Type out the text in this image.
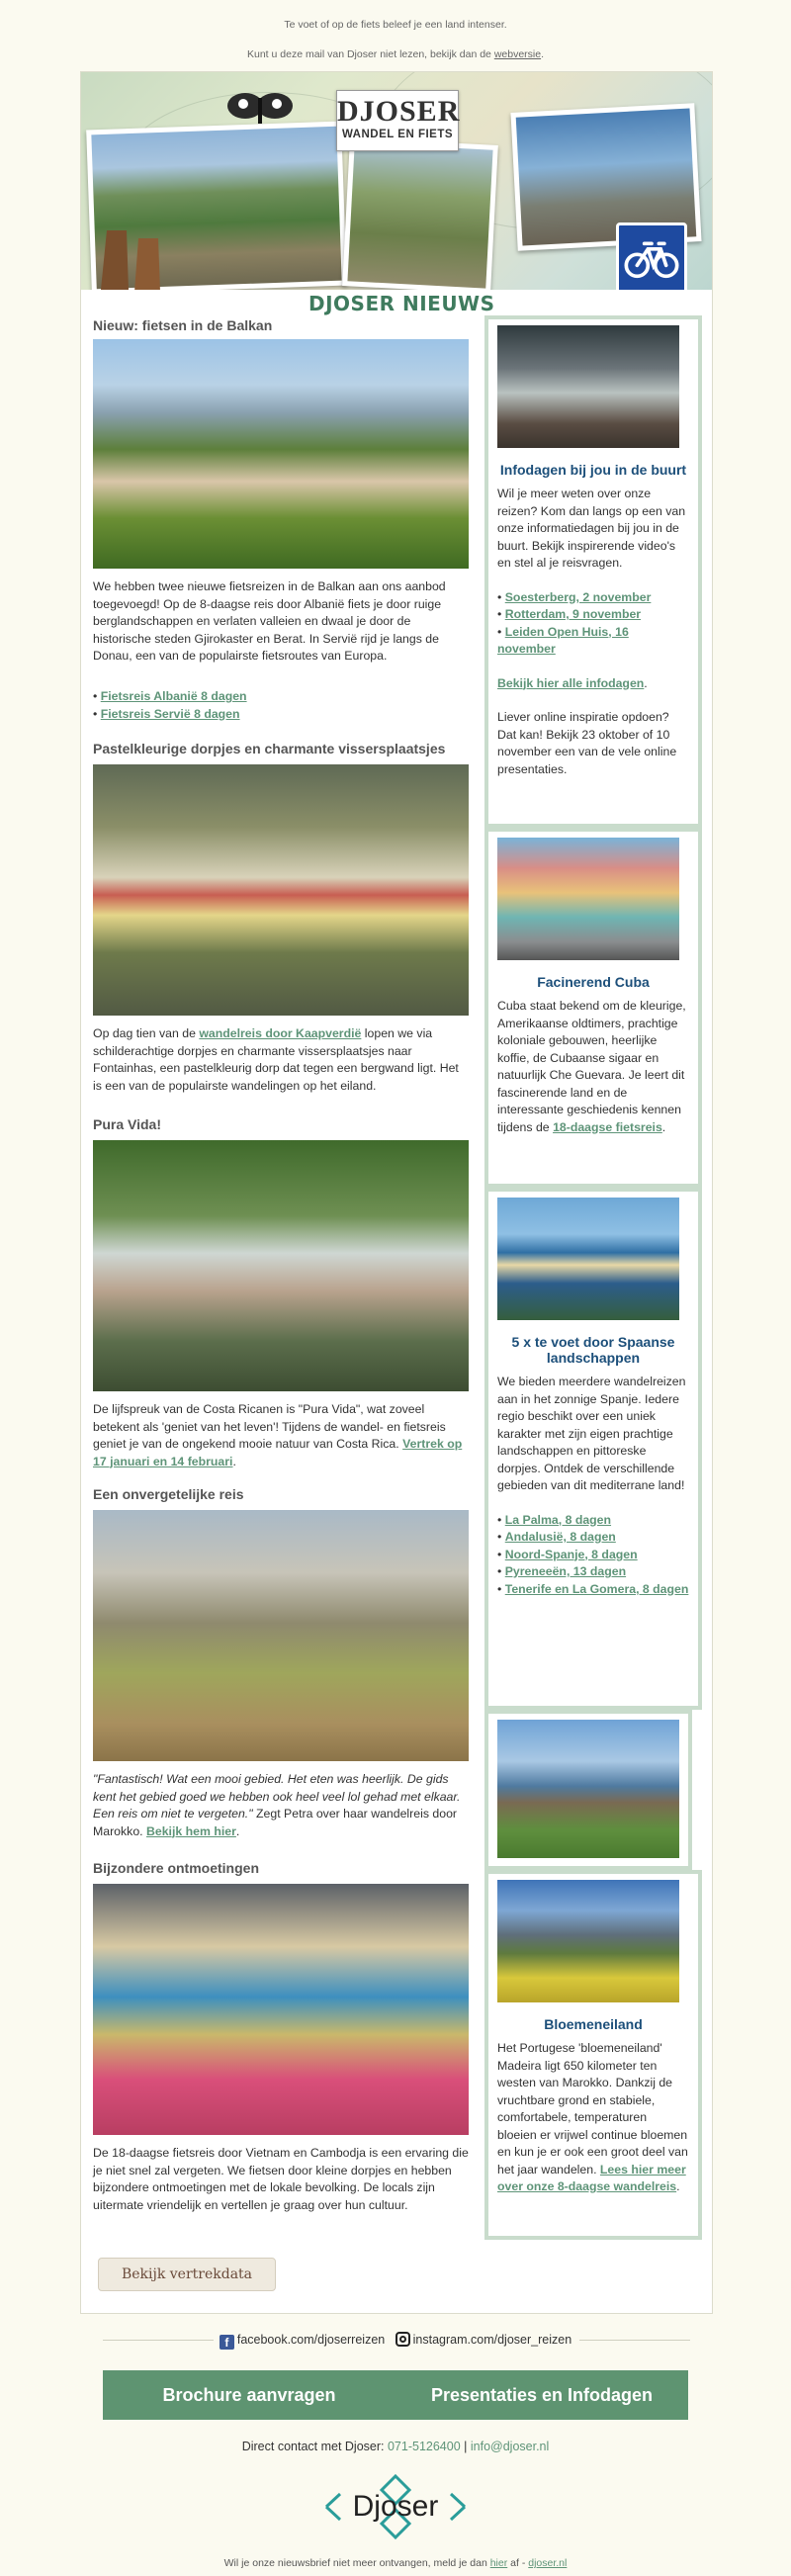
Te voet of op de fiets beleef je een land intenser.
Kunt u deze mail van Djoser niet lezen, bekijk dan de webversie.
DJOSER
WANDEL EN FIETS
DJOSER NIEUWS
Nieuw: fietsen in de Balkan
We hebben twee nieuwe fietsreizen in de Balkan aan ons aanbod toegevoegd! Op de 8-daagse reis door Albanië fiets je door ruige berglandschappen en verlaten valleien en dwaal je door de historische steden Gjirokaster en Berat. In Servië rijd je langs de Donau, een van de populairste fietsroutes van Europa.
• Fietsreis Albanië 8 dagen
• Fietsreis Servië 8 dagen
Pastelkleurige dorpjes en charmante vissersplaatsjes
Op dag tien van de wandelreis door Kaapverdië lopen we via schilderachtige dorpjes en charmante vissersplaatsjes naar Fontainhas, een pastelkleurig dorp dat tegen een bergwand ligt. Het is een van de populairste wandelingen op het eiland.
Pura Vida!
De lijfspreuk van de Costa Ricanen is "Pura Vida", wat zoveel betekent als 'geniet van het leven'! Tijdens de wandel- en fietsreis geniet je van de ongekend mooie natuur van Costa Rica. Vertrek op 17 januari en 14 februari.
Een onvergetelijke reis
"Fantastisch! Wat een mooi gebied. Het eten was heerlijk. De gids kent het gebied goed we hebben ook heel veel lol gehad met elkaar. Een reis om niet te vergeten." Zegt Petra over haar wandelreis door Marokko. Bekijk hem hier.
Bijzondere ontmoetingen
De 18-daagse fietsreis door Vietnam en Cambodja is een ervaring die je niet snel zal vergeten. We fietsen door kleine dorpjes en hebben bijzondere ontmoetingen met de lokale bevolking. De locals zijn uitermate vriendelijk en vertellen je graag over hun cultuur.
Bekijk vertrekdata
Infodagen bij jou in de buurt

Wil je meer weten over onze reizen? Kom dan langs op een van onze informatiedagen bij jou in de buurt. Bekijk inspirerende video's en stel al je reisvragen.

• Soesterberg, 2 november
• Rotterdam, 9 november
• Leiden Open Huis, 16 november

Bekijk hier alle infodagen.

Liever online inspiratie opdoen? Dat kan! Bekijk 23 oktober of 10 november een van de vele online presentaties.

Facinerend Cuba

Cuba staat bekend om de kleurige, Amerikaanse oldtimers, prachtige koloniale gebouwen, heerlijke koffie, de Cubaanse sigaar en natuurlijk Che Guevara. Je leert dit fascinerende land en de interessante geschiedenis kennen tijdens de 18-daagse fietsreis.

5 x te voet door Spaanse landschappen

We bieden meerdere wandelreizen aan in het zonnige Spanje. Iedere regio beschikt over een uniek karakter met zijn eigen prachtige landschappen en pittoreske dorpjes. Ontdek de verschillende gebieden van dit mediterrane land!

• La Palma, 8 dagen
• Andalusië, 8 dagen
• Noord-Spanje, 8 dagen
• Pyreneeën, 13 dagen
• Tenerife en La Gomera, 8 dagen

Bloemeneiland

Het Portugese 'bloemeneiland' Madeira ligt 650 kilometer ten westen van Marokko. Dankzij de vruchtbare grond en stabiele, comfortabele, temperaturen bloeien er vrijwel continue bloemen en kun je er ook een groot deel van het jaar wandelen. Lees hier meer over onze 8-daagse wandelreis.

f facebook.com/djoserreizen instagram.com/djoser_reizen
Brochure aanvragen	Presentaties en Infodagen
Direct contact met Djoser: 071-5126400 | info@djoser.nl
Djoser
Wil je onze nieuwsbrief niet meer ontvangen, meld je dan hier af - djoser.nl
